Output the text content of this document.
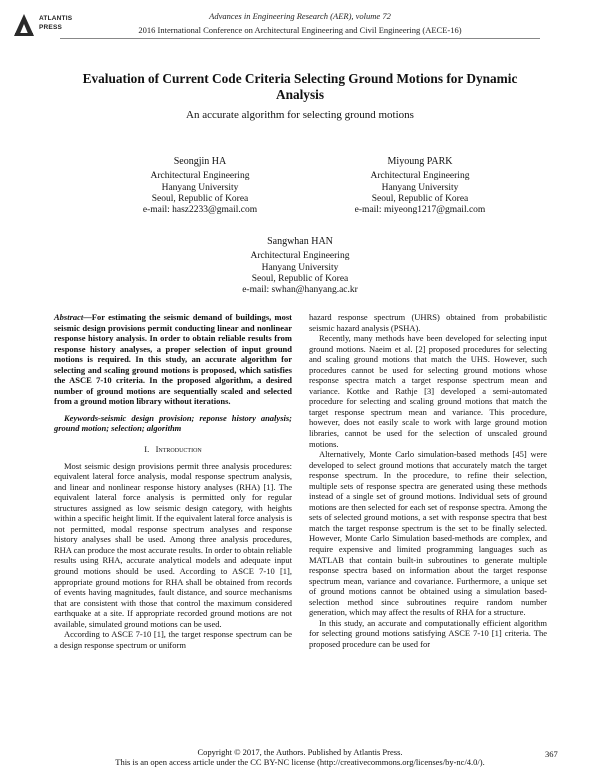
ATLANTIS
PRESS
Advances in Engineering Research (AER), volume 72
2016 International Conference on Architectural Engineering and Civil Engineering (AECE-16)
Evaluation of Current Code Criteria Selecting Ground Motions for Dynamic Analysis
An accurate algorithm for selecting ground motions
Seongjin HA
Architectural Engineering
Hanyang University
Seoul, Republic of Korea
e-mail: hasz2233@gmail.com
Miyoung PARK
Architectural Engineering
Hanyang University
Seoul, Republic of Korea
e-mail: miyeong1217@gmail.com
Sangwhan HAN
Architectural Engineering
Hanyang University
Seoul, Republic of Korea
e-mail: swhan@hanyang.ac.kr

Abstract—For estimating the seismic demand of buildings, most seismic design provisions permit conducting linear and nonlinear response history analysis. In order to obtain reliable results from response history analyses, a proper selection of input ground motions is required. In this study, an accurate algorithm for selecting and scaling ground motions is proposed, which satisfies the ASCE 7-10 criteria. In the proposed algorithm, a desired number of ground motions are sequentially scaled and selected from a ground motion library without iterations.

Keywords-seismic design provision; reponse history analysis; ground motion; selection; algorithm

I. Introduction

Most seismic design provisions permit three analysis procedures: equivalent lateral force analysis, modal response spectrum analysis, and linear and nonlinear response history analyses (RHA) [1]. The equivalent lateral force analysis is permitted only for regular structures assigned as low seismic design category, with heights within a specific height limit. If the equivalent lateral force analysis is not permitted, modal response spectrum analyses and response history analyses shall be used. Among three analysis procedures, RHA can produce the most accurate results. In order to obtain reliable results using RHA, accurate analytical models and adequate input ground motions should be used. According to ASCE 7-10 [1], appropriate ground motions for RHA shall be obtained from records of events having magnitudes, fault distance, and source mechanisms that are consistent with those that control the maximum considered earthquake at a site. If appropriate recorded ground motions are not available, simulated ground motions can be used.

According to ASCE 7-10 [1], the target response spectrum can be a design response spectrum or uniform

hazard response spectrum (UHRS) obtained from probabilistic seismic hazard analysis (PSHA).

Recently, many methods have been developed for selecting input ground motions. Naeim et al. [2] proposed procedures for selecting and scaling ground motions that match the UHS. However, such procedures cannot be used for selecting ground motions whose response spectra match a target response spectrum mean and variance. Kottke and Rathje [3] developed a semi-automated procedure for selecting and scaling ground motions that match the target response spectrum mean and variance. This procedure, however, does not easily scale to work with large ground motion libraries, cannot be used for the selection of unscaled ground motions.

Alternatively, Monte Carlo simulation-based methods [45] were developed to select ground motions that accurately match the target response spectrum. In the procedure, to refine their selection, multiple sets of response spectra are generated using these methods instead of a single set of ground motions. Individual sets of ground motions are then selected for each set of response spectra. Among the sets of selected ground motions, a set with response spectra that best match the target response spectrum is the set to be finally selected. However, Monte Carlo Simulation based-methods are complex, and require expensive and limited programming languages such as MATLAB that contain built-in subroutines to generate multiple response spectra based on information about the target response spectrum mean, variance and covariance. Furthermore, a unique set of ground motions cannot be obtained using a simulation based-selection method since subroutines require random number generation, which may affect the results of RHA for a structure.

In this study, an accurate and computationally efficient algorithm for selecting ground motions satisfying ASCE 7-10 [1] criteria. The proposed procedure can be used for

Copyright © 2017, the Authors. Published by Atlantis Press.
This is an open access article under the CC BY-NC license (http://creativecommons.org/licenses/by-nc/4.0/).
367
